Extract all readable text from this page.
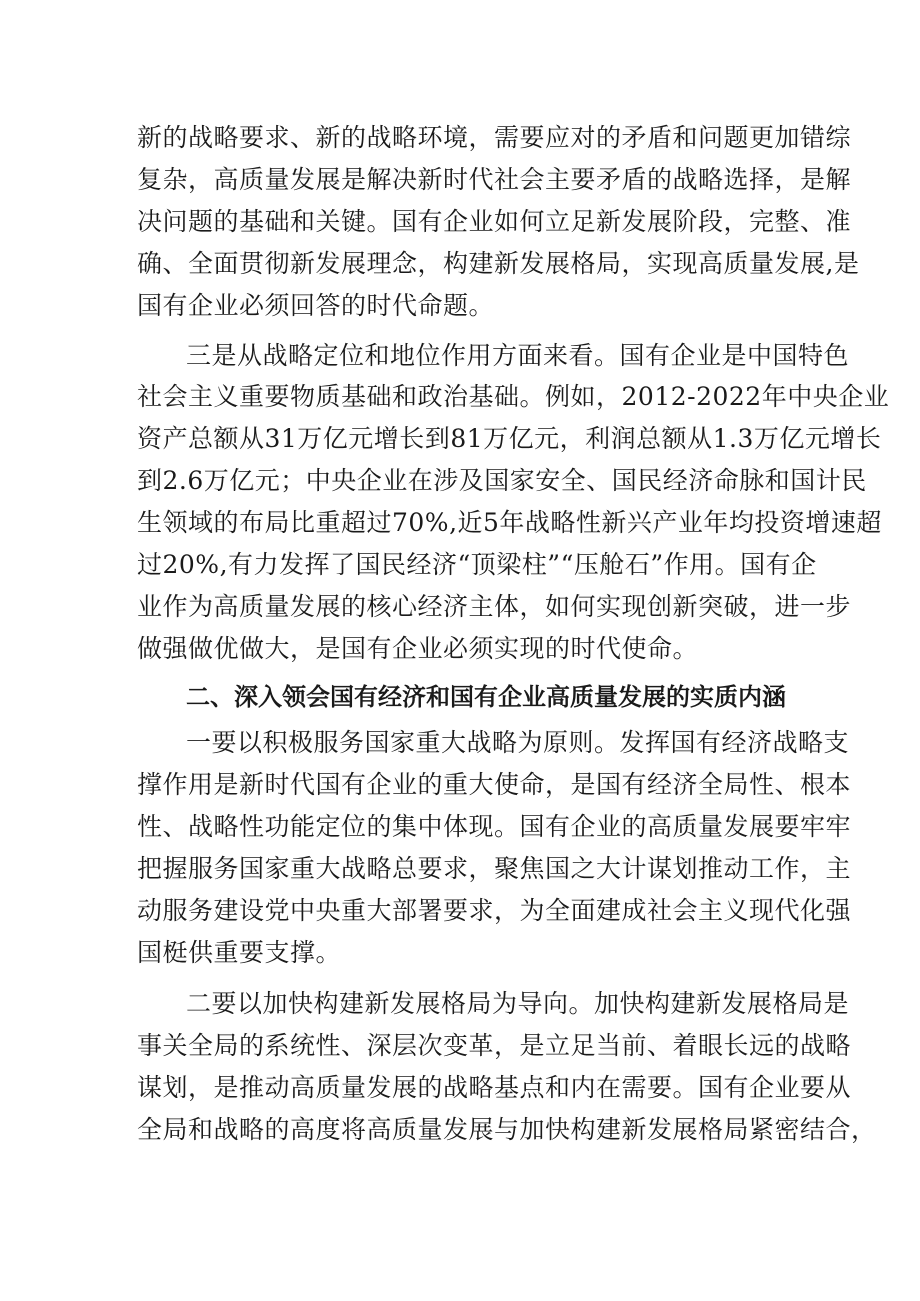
新的战略要求、新的战略环境，需要应对的矛盾和问题更加错综
复杂，高质量发展是解决新时代社会主要矛盾的战略选择，是解
决问题的基础和关键。国有企业如何立足新发展阶段，完整、准
确、全面贯彻新发展理念，构建新发展格局，实现高质量发展,是
国有企业必须回答的时代命题。
三是从战略定位和地位作用方面来看。国有企业是中国特色
社会主义重要物质基础和政治基础。例如，2012-2022年中央企业
资产总额从31万亿元增长到81万亿元，利润总额从1.3万亿元增长
到2.6万亿元；中央企业在涉及国家安全、国民经济命脉和国计民
生领域的布局比重超过70%,近5年战略性新兴产业年均投资增速超
过20%,有力发挥了国民经济“顶梁柱”“压舱石”作用。国有企
业作为高质量发展的核心经济主体，如何实现创新突破，进一步
做强做优做大，是国有企业必须实现的时代使命。
二、深入领会国有经济和国有企业高质量发展的实质内涵
一要以积极服务国家重大战略为原则。发挥国有经济战略支
撑作用是新时代国有企业的重大使命，是国有经济全局性、根本
性、战略性功能定位的集中体现。国有企业的高质量发展要牢牢
把握服务国家重大战略总要求，聚焦国之大计谋划推动工作，主
动服务建设党中央重大部署要求，为全面建成社会主义现代化强
国梃供重要支撑。
二要以加快构建新发展格局为导向。加快构建新发展格局是
事关全局的系统性、深层次变革，是立足当前、着眼长远的战略
谋划，是推动高质量发展的战略基点和内在需要。国有企业要从
全局和战略的高度将高质量发展与加快构建新发展格局紧密结合，
